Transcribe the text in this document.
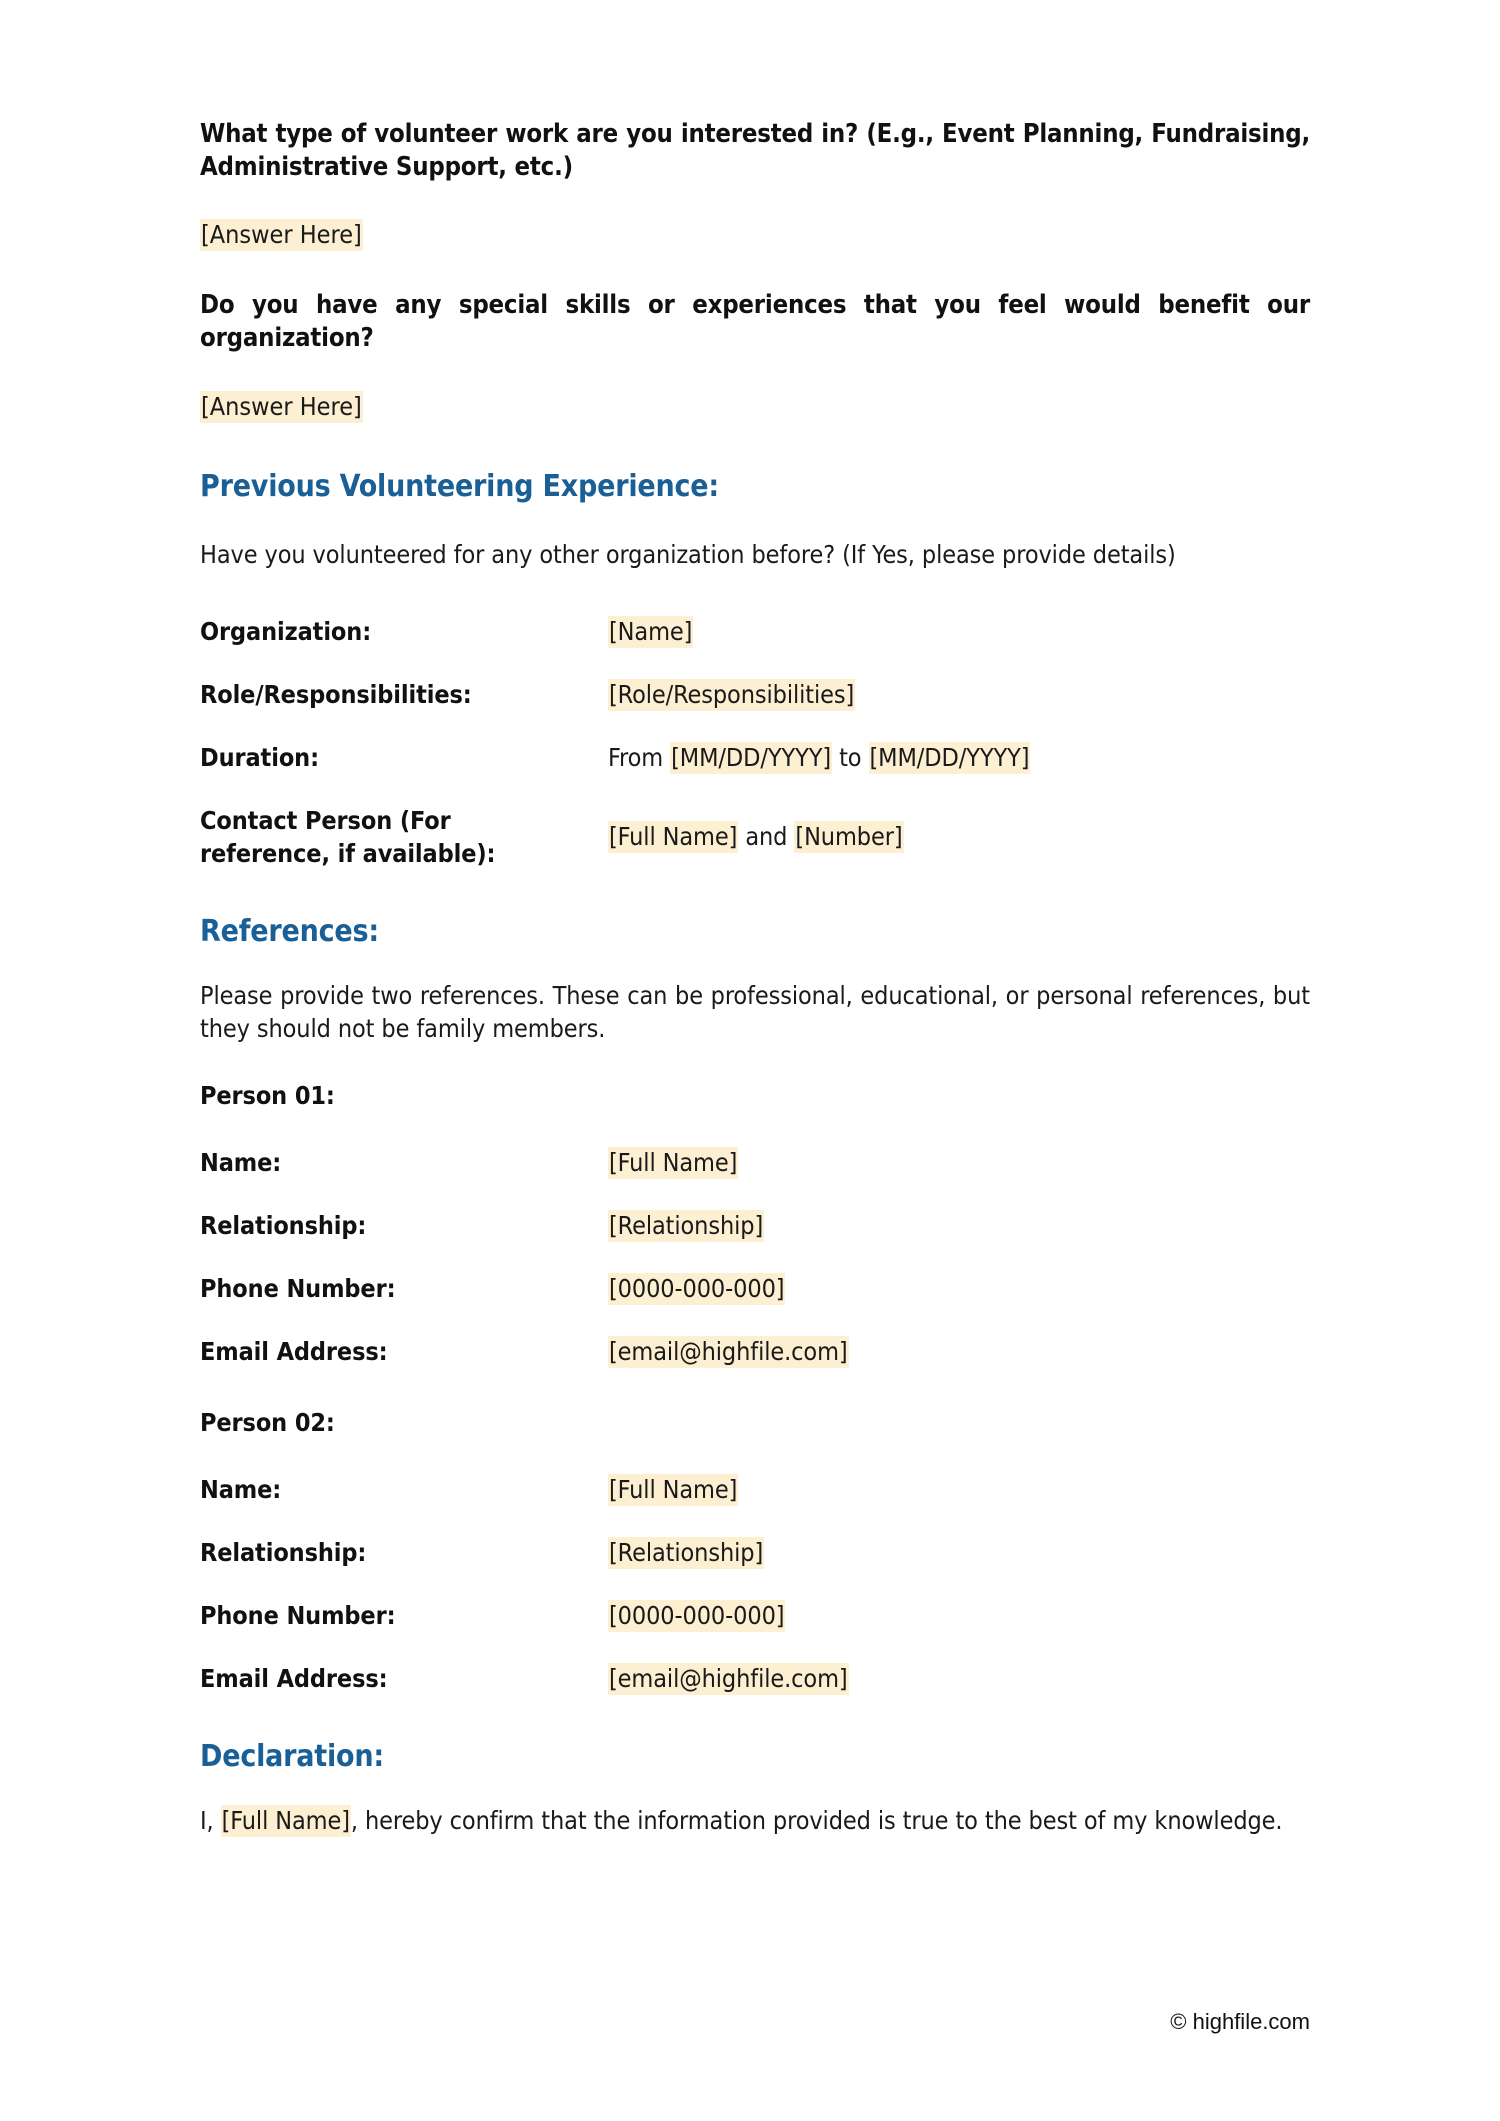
What type of volunteer work are you interested in? (E.g., Event Planning, Fundraising, Administrative Support, etc.)

[Answer Here]

Do you have any special skills or experiences that you feel would benefit our organization?

[Answer Here]

Previous Volunteering Experience:

Have you volunteered for any other organization before? (If Yes, please provide details)

Organization:	[Name]
Role/Responsibilities:	[Role/Responsibilities]
Duration:	From [MM/DD/YYYY] to [MM/DD/YYYY]
Contact Person (For
reference, if available):
[Full Name] and [Number]
References:

Please provide two references. These can be professional, educational, or personal references, but they should not be family members.

Person 01:

Name:	[Full Name]
Relationship:	[Relationship]
Phone Number:	[0000-000-000]
Email Address:	[email@highfile.com]

Person 02:

Name:	[Full Name]
Relationship:	[Relationship]
Phone Number:	[0000-000-000]
Email Address:	[email@highfile.com]
Declaration:

I, [Full Name], hereby confirm that the information provided is true to the best of my knowledge.

© highfile.com
